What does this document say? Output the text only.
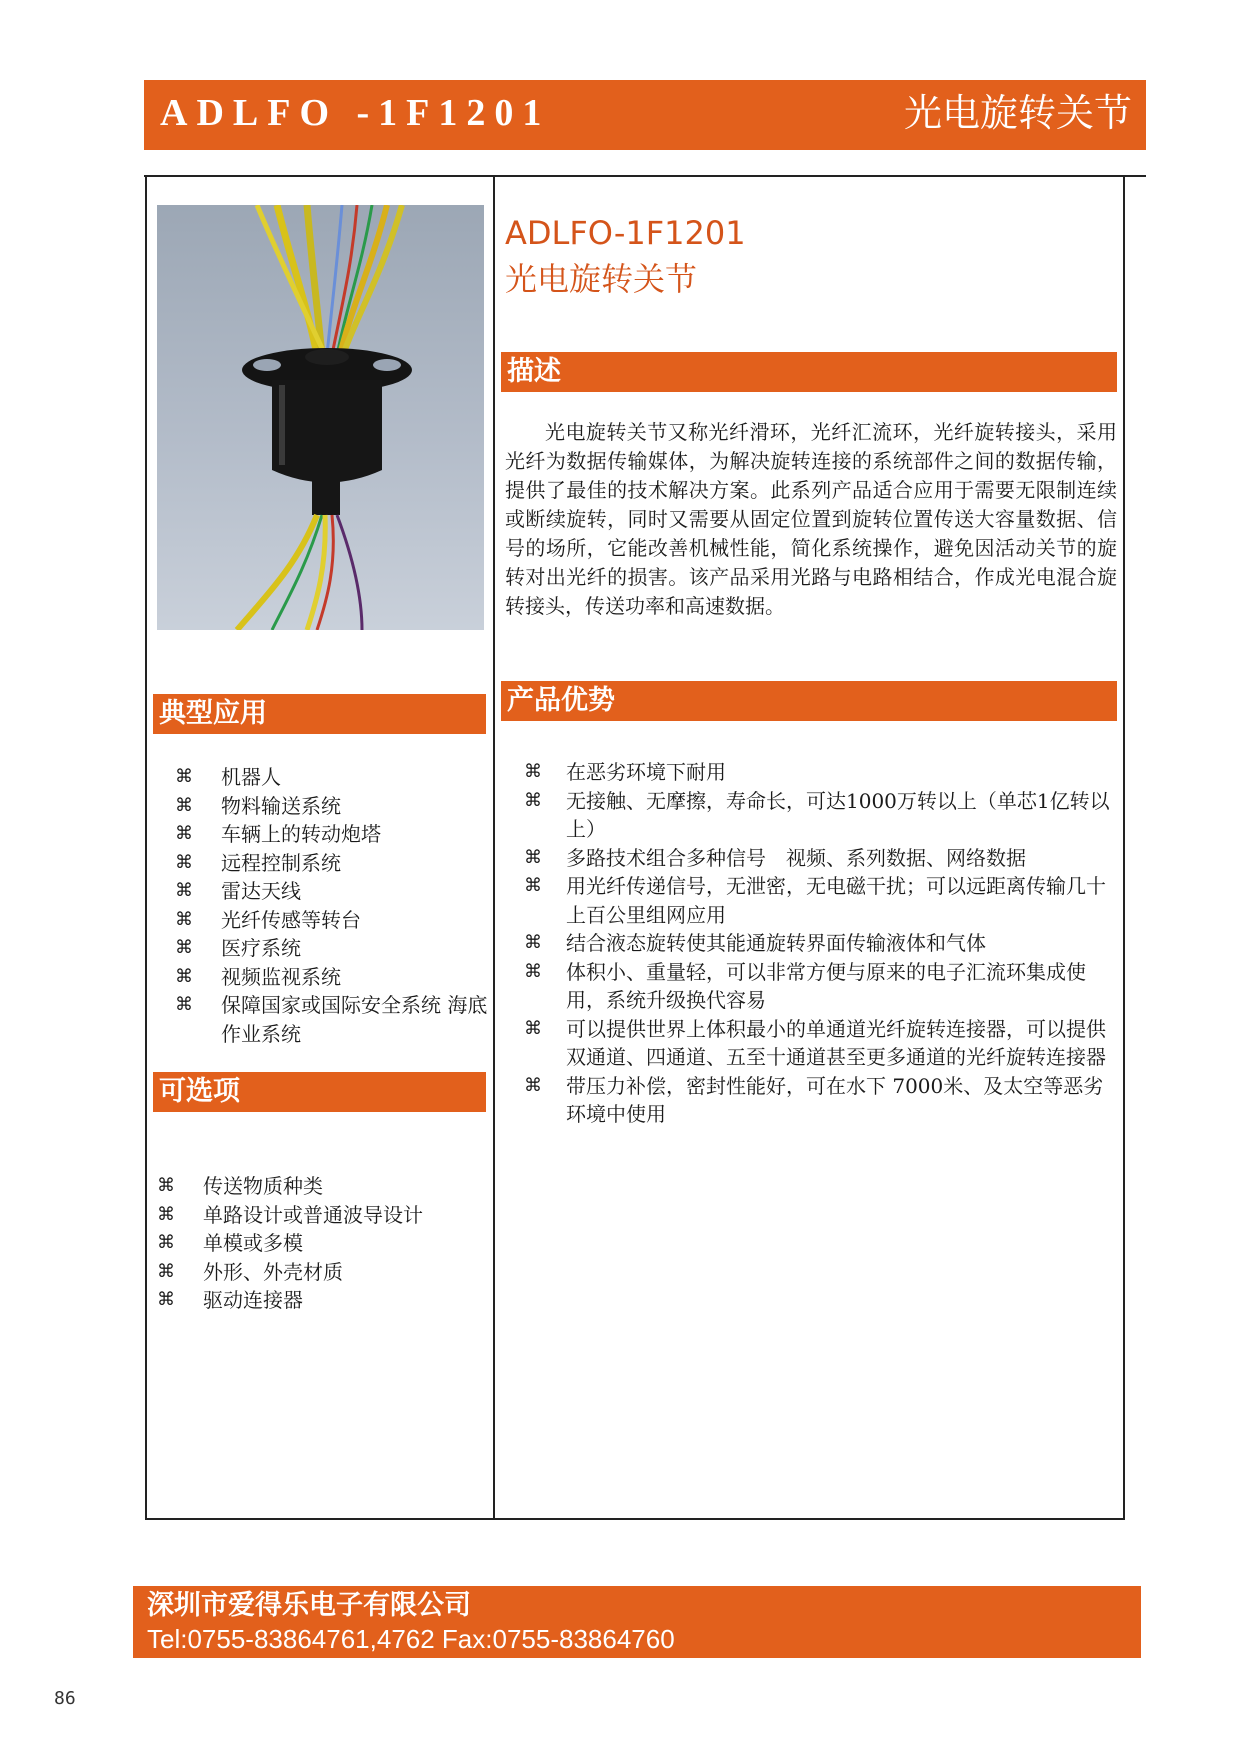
ADLFO -1F1201	光电旋转关节
ADLFO-1F1201
光电旋转关节
描述

光电旋转关节又称光纤滑环，光纤汇流环，光纤旋转接头，采用光纤为数据传输媒体，为解决旋转连接的系统部件之间的数据传输，提供了最佳的技术解决方案。此系列产品适合应用于需要无限制连续或断续旋转，同时又需要从固定位置到旋转位置传送大容量数据、信号的场所，它能改善机械性能，简化系统操作，避免因活动关节的旋转对出光纤的损害。该产品采用光路与电路相结合，作成光电混合旋转接头，传送功率和高速数据。

产品优势
⌘ 在恶劣环境下耐用
⌘ 无接触、无摩擦，寿命长，可达1000万转以上（单芯1亿转以上）
⌘ 多路技术组合多种信号　视频、系列数据、网络数据
⌘ 用光纤传递信号，无泄密，无电磁干扰；可以远距离传输几十上百公里组网应用
⌘ 结合液态旋转使其能通旋转界面传输液体和气体
⌘ 体积小、重量轻，可以非常方便与原来的电子汇流环集成使用，系统升级换代容易
⌘ 可以提供世界上体积最小的单通道光纤旋转连接器，可以提供双通道、四通道、五至十通道甚至更多通道的光纤旋转连接器
⌘ 带压力补偿，密封性能好，可在水下 7000米、及太空等恶劣环境中使用
典型应用
⌘ 机器人
⌘ 物料输送系统
⌘ 车辆上的转动炮塔
⌘ 远程控制系统
⌘ 雷达天线
⌘ 光纤传感等转台
⌘ 医疗系统
⌘ 视频监视系统
⌘ 保障国家或国际安全系统 海底作业系统
可选项
⌘ 传送物质种类
⌘ 单路设计或普通波导设计
⌘ 单模或多模
⌘ 外形、外壳材质
⌘ 驱动连接器
深圳市爱得乐电子有限公司
Tel:0755-83864761,4762 Fax:0755-83864760
86
